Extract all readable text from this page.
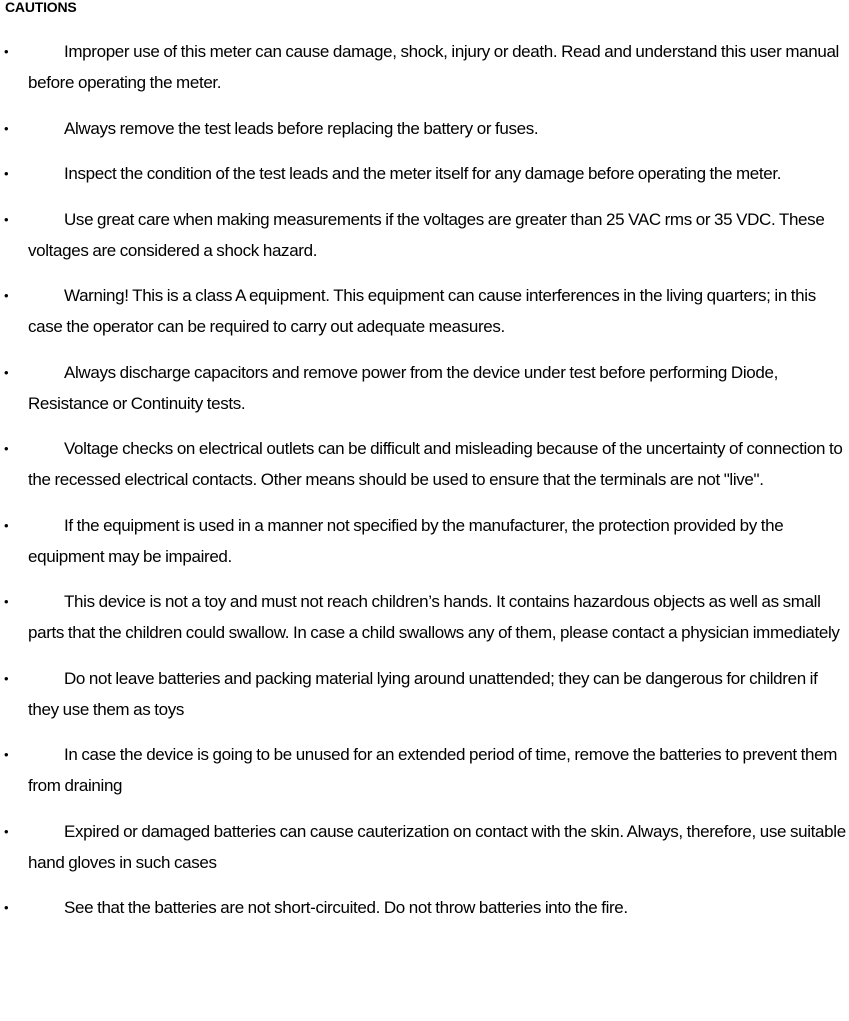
CAUTIONS
•	Improper use of this meter can cause damage, shock, injury or death. Read and understand this user manual before operating the meter.
•	Always remove the test leads before replacing the battery or fuses.
•	Inspect the condition of the test leads and the meter itself for any damage before operating the meter.
•	Use great care when making measurements if the voltages are greater than 25 VAC rms or 35 VDC. These voltages are considered a shock hazard.
•	Warning! This is a class A equipment. This equipment can cause interferences in the living quarters; in this case the operator can be required to carry out adequate measures.
•	Always discharge capacitors and remove power from the device under test before performing Diode, Resistance or Continuity tests.
•	Voltage checks on electrical outlets can be difficult and misleading because of the uncertainty of connection to the recessed electrical contacts. Other means should be used to ensure that the terminals are not "live".
•	If the equipment is used in a manner not specified by the manufacturer, the protection provided by the equipment may be impaired.
•	This device is not a toy and must not reach children’s hands. It contains hazardous objects as well as small parts that the children could swallow. In case a child swallows any of them, please contact a physician immediately
•	Do not leave batteries and packing material lying around unattended; they can be dangerous for children if they use them as toys
•	In case the device is going to be unused for an extended period of time, remove the batteries to prevent them from draining
•	Expired or damaged batteries can cause cauterization on contact with the skin. Always, therefore, use suitable hand gloves in such cases
•	See that the batteries are not short-circuited. Do not throw batteries into the fire.
